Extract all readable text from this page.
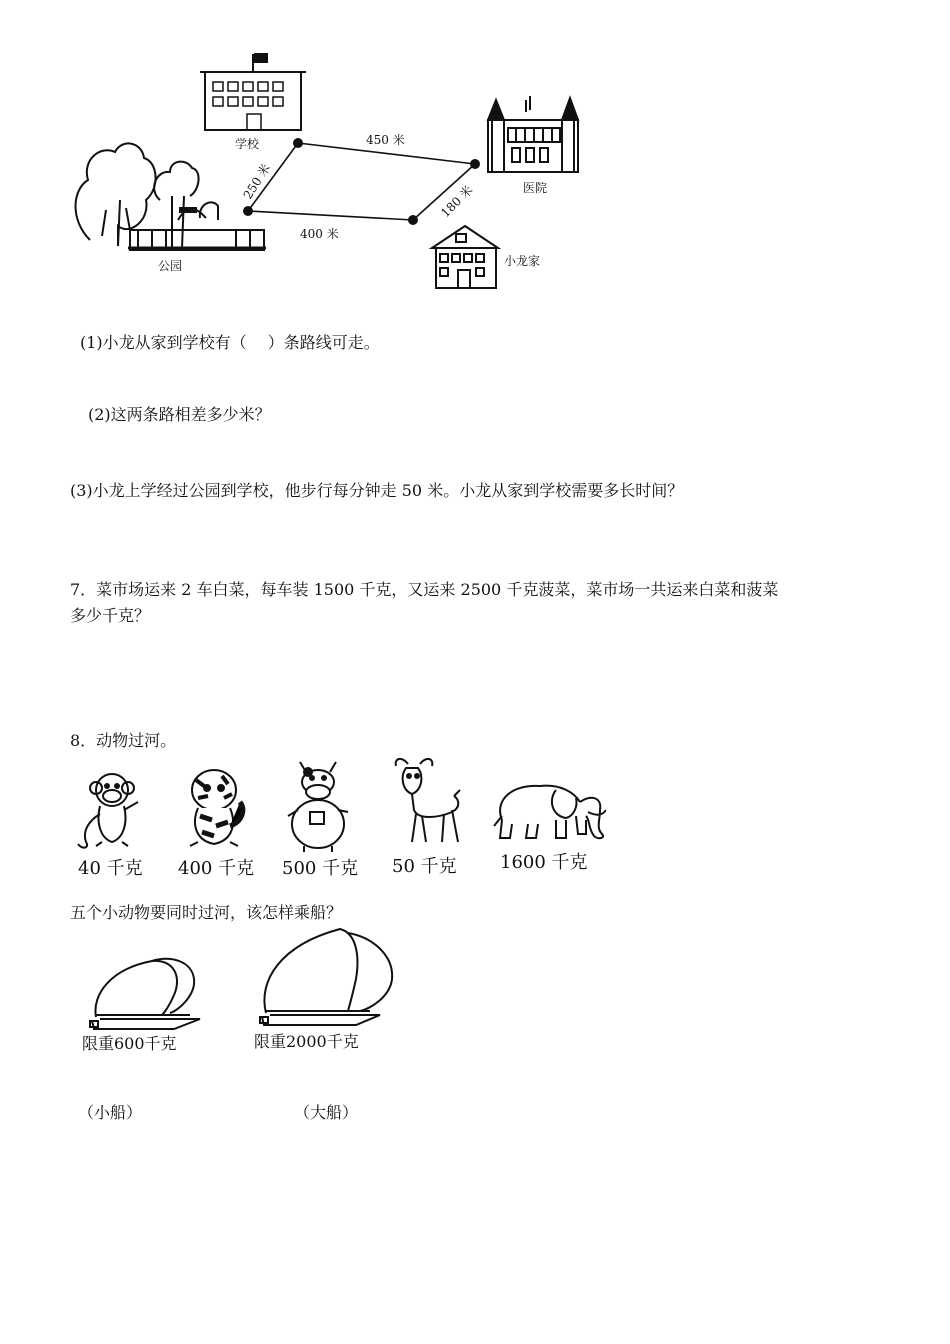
学校
医院
公园	小龙家
250 米
450 米
180 米
400 米
(1)小龙从家到学校有（　 ）条路线可走。
(2)这两条路相差多少米？
(3)小龙上学经过公园到学校，他步行每分钟走 50 米。小龙从家到学校需要多长时间？
7．菜市场运来 2 车白菜，每车装 1500 千克，又运来 2500 千克菠菜，菜市场一共运来白菜和菠菜
多少千克？
8．动物过河。
40 千克 400 千克 500 千克 50 千克 1600 千克
五个小动物要同时过河，该怎样乘船？
限重600千克	限重2000千克
（小船）	（大船）
